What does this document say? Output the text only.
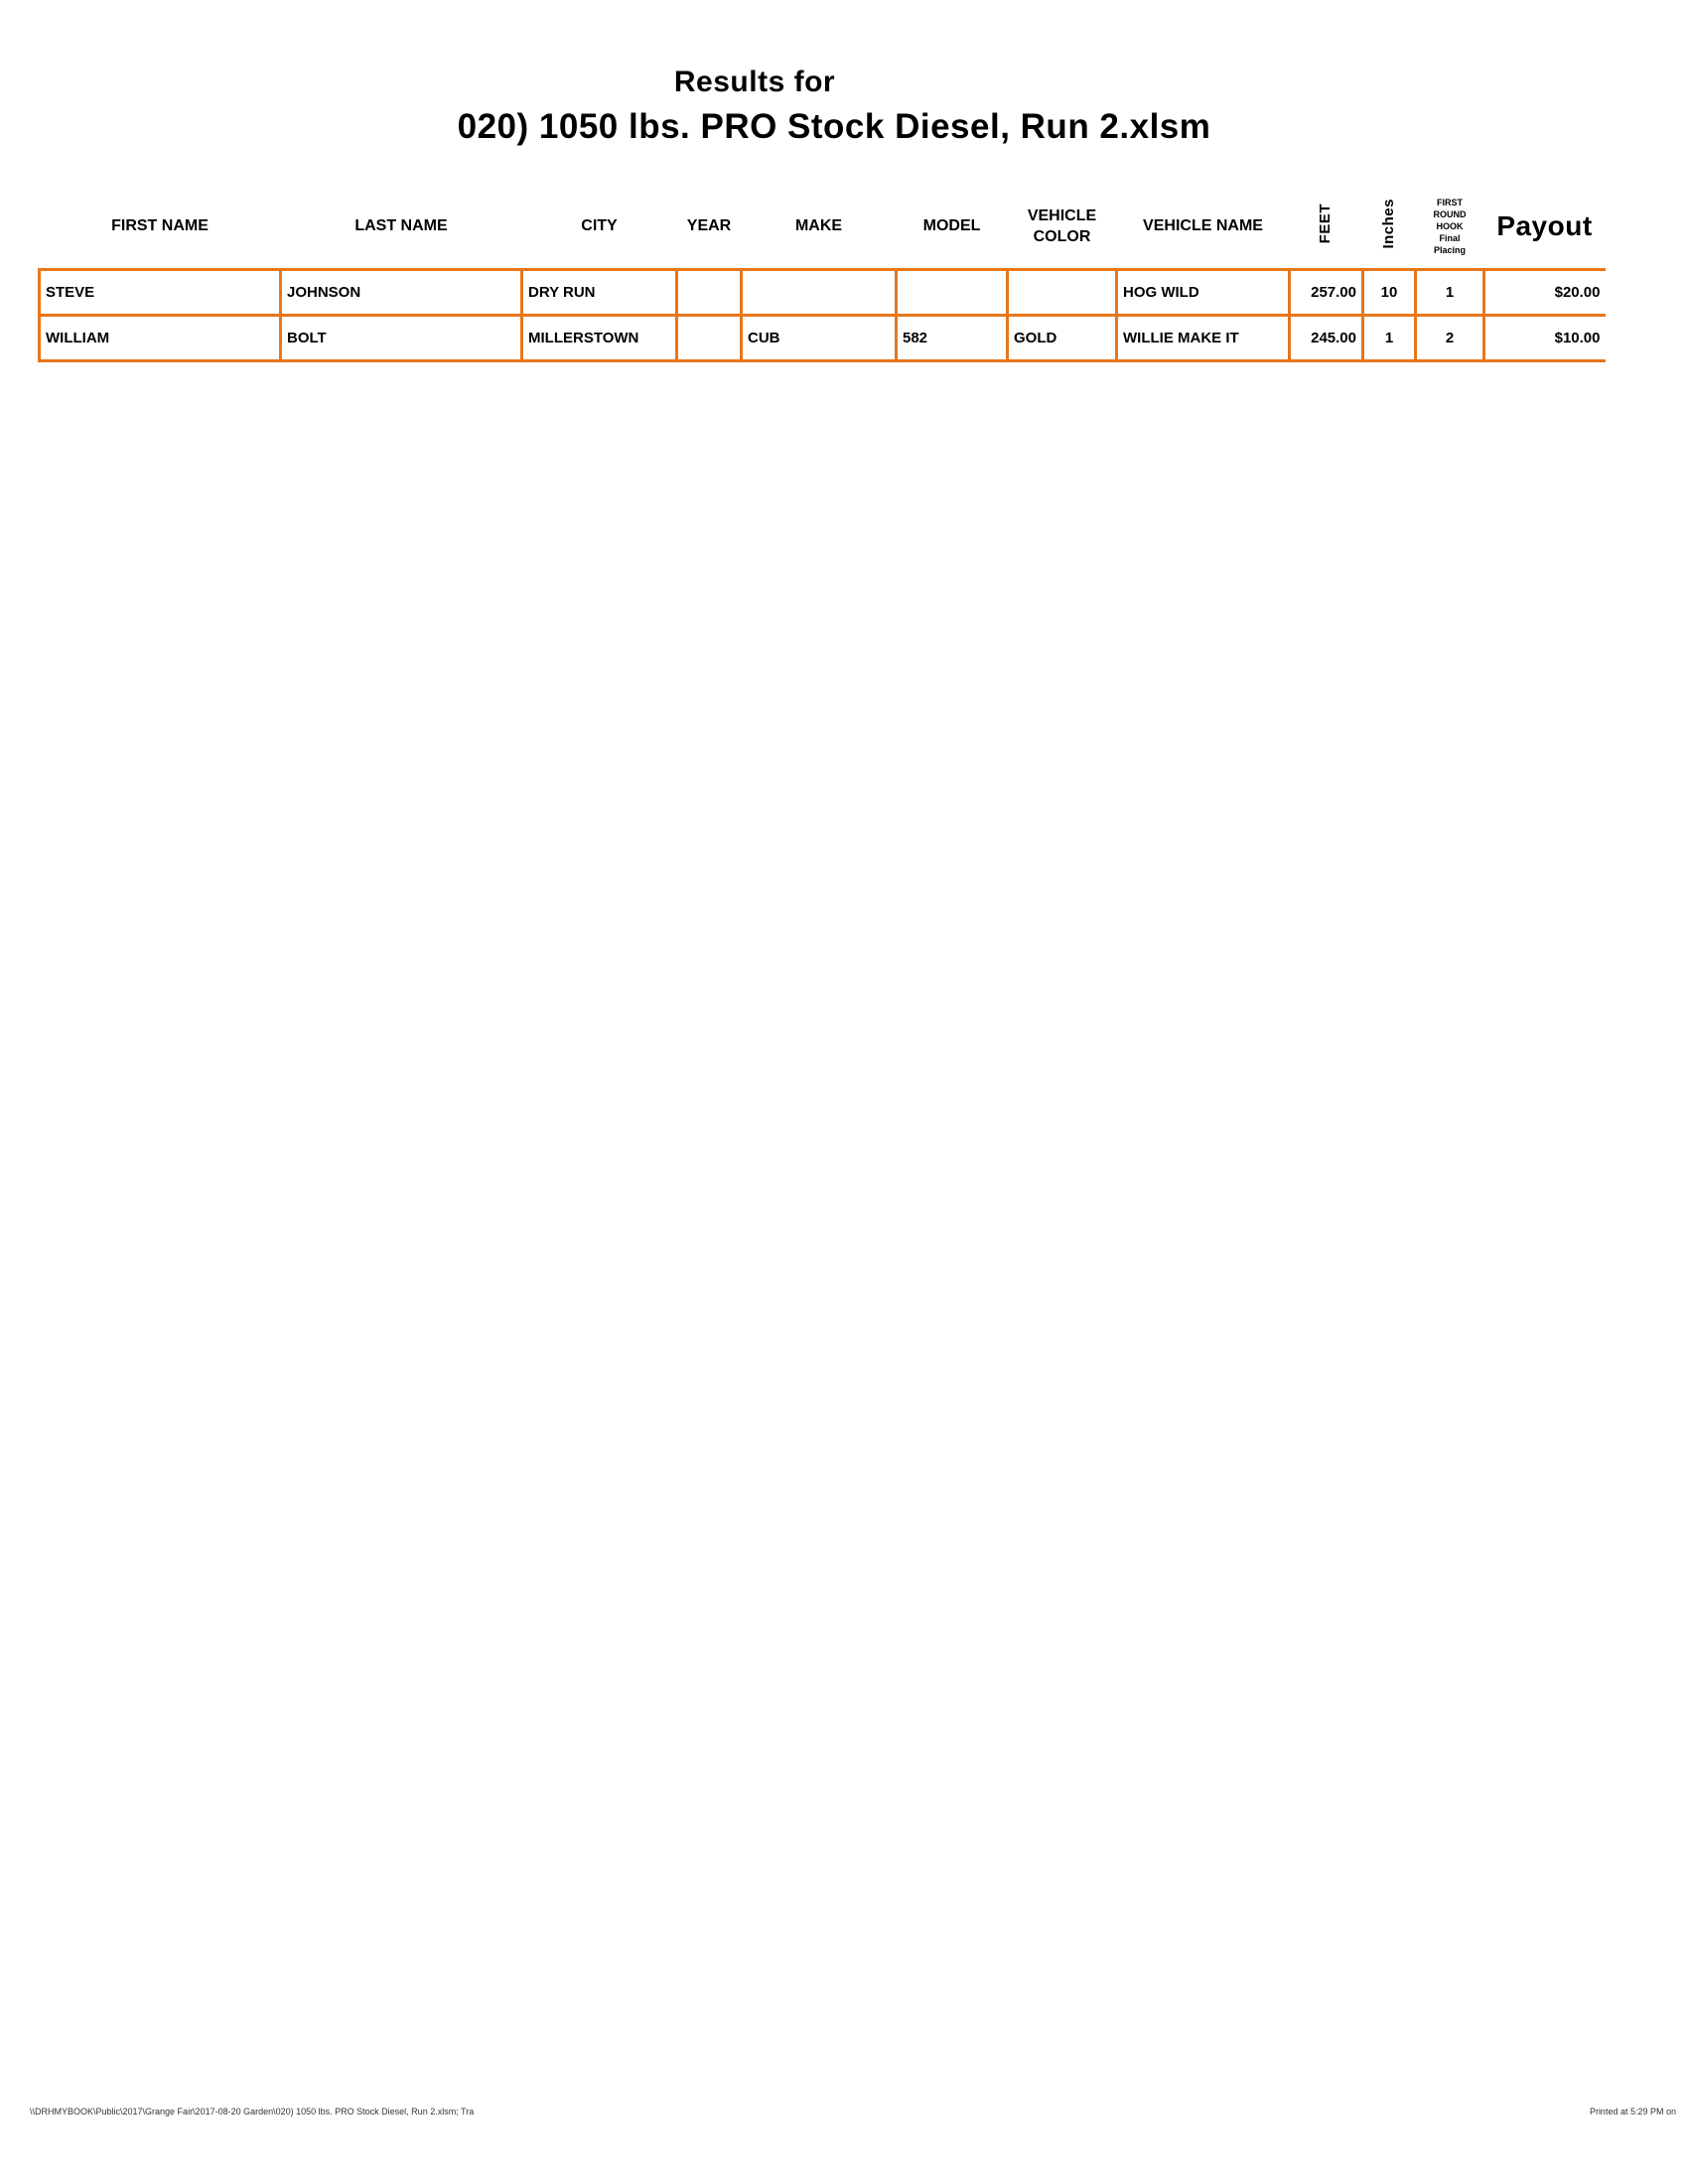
Results for
020) 1050 lbs. PRO Stock Diesel, Run 2.xlsm
FIRST NAME	LAST NAME	CITY	YEAR	MAKE	MODEL	VEHICLE COLOR	VEHICLE NAME	FEET	Inches	FIRST
ROUND
HOOK
Final
Placing	Payout
STEVE	JOHNSON	DRY RUN					HOG WILD	257.00	10	1	$20.00
WILLIAM	BOLT	MILLERSTOWN		CUB	582	GOLD	WILLIE MAKE IT	245.00	1	2	$10.00
\\DRHMYBOOK\Public\2017\Grange Fair\2017-08-20 Garden\020) 1050 lbs. PRO Stock Diesel, Run 2.xlsm; Tra	Printed at 5:29 PM on
